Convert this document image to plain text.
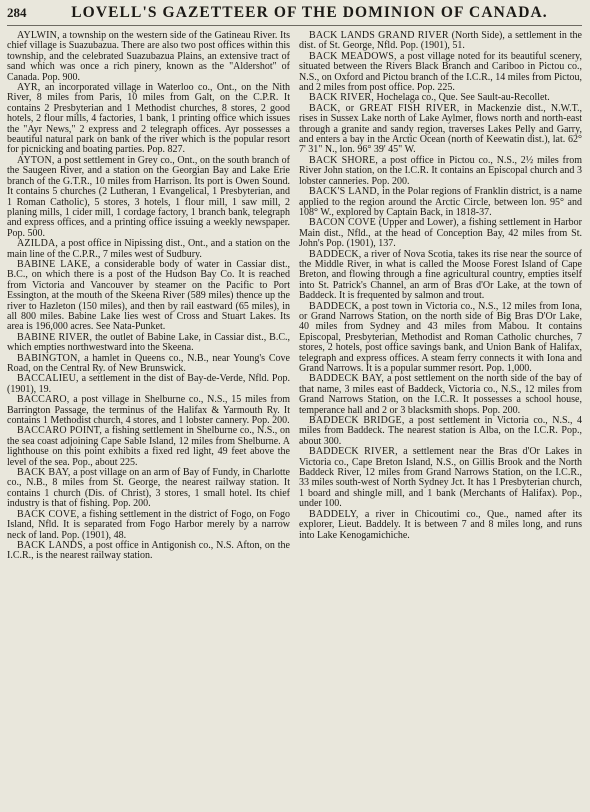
284	LOVELL'S GAZETTEER OF THE DOMINION OF CANADA.

AYLWIN, a township on the western side of the Gatineau River. Its chief village is Suazubazua. There are also two post offices within this township, and the celebrated Suazubazua Plains, an extensive tract of sand which was once a rich pinery, known as the "Aldershot" of Canada. Pop. 900.

AYR, an incorporated village in Waterloo co., Ont., on the Nith River, 8 miles from Paris, 10 miles from Galt, on the C.P.R. It contains 2 Presbyterian and 1 Methodist churches, 8 stores, 2 good hotels, 2 flour mills, 4 factories, 1 bank, 1 printing office which issues the "Ayr News," 2 express and 2 telegraph offices. Ayr possesses a beautiful natural park on bank of the river which is the popular resort for picnicking and boating parties. Pop. 827.

AYTON, a post settlement in Grey co., Ont., on the south branch of the Saugeen River, and a station on the Georgian Bay and Lake Erie branch of the G.T.R., 10 miles from Harrison. Its port is Owen Sound. It contains 5 churches (2 Lutheran, 1 Evangelical, 1 Presbyterian, and 1 Roman Catholic), 5 stores, 3 hotels, 1 flour mill, 1 saw mill, 2 planing mills, 1 cider mill, 1 cordage factory, 1 branch bank, telegraph and express offices, and a printing office issuing a weekly newspaper. Pop. 500.

AZILDA, a post office in Nipissing dist., Ont., and a station on the main line of the C.P.R., 7 miles west of Sudbury.

BABINE LAKE, a considerable body of water in Cassiar dist., B.C., on which there is a post of the Hudson Bay Co. It is reached from Victoria and Vancouver by steamer on the Pacific to Port Essington, at the mouth of the Skeena River (589 miles) thence up the river to Hazleton (150 miles), and then by rail eastward (65 miles), in all 800 miles. Babine Lake lies west of Cross and Stuart Lakes. Its area is 196,000 acres. See Nata-Punket.

BABINE RIVER, the outlet of Babine Lake, in Cassiar dist., B.C., which empties northwestward into the Skeena.

BABINGTON, a hamlet in Queens co., N.B., near Young's Cove Road, on the Central Ry. of New Brunswick.

BACCALIEU, a settlement in the dist of Bay-de-Verde, Nfld. Pop. (1901), 19.

BACCARO, a post village in Shelburne co., N.S., 15 miles from Barrington Passage, the terminus of the Halifax & Yarmouth Ry. It contains 1 Methodist church, 4 stores, and 1 lobster cannery. Pop. 200.

BACCARO POINT, a fishing settlement in Shelburne co., N.S., on the sea coast adjoining Cape Sable Island, 12 miles from Shelburne. A lighthouse on this point exhibits a fixed red light, 49 feet above the level of the sea. Pop., about 225.

BACK BAY, a post village on an arm of Bay of Fundy, in Charlotte co., N.B., 8 miles from St. George, the nearest railway station. It contains 1 church (Dis. of Christ), 3 stores, 1 small hotel. Its chief industry is that of fishing. Pop. 200.

BACK COVE, a fishing settlement in the district of Fogo, on Fogo Island, Nfld. It is separated from Fogo Harbor merely by a narrow neck of land. Pop. (1901), 48.

BACK LANDS, a post office in Antigonish co., N.S. Afton, on the I.C.R., is the nearest railway station.

BACK LANDS GRAND RIVER (North Side), a settlement in the dist. of St. George, Nfld. Pop. (1901), 51.

BACK MEADOWS, a post village noted for its beautiful scenery, situated between the Rivers Black Branch and Cariboo in Pictou co., N.S., on Oxford and Pictou branch of the I.C.R., 14 miles from Pictou, and 2 miles from post office. Pop. 225.

BACK RIVER, Hochelaga co., Que. See Sault-au-Recollet.

BACK, or GREAT FISH RIVER, in Mackenzie dist., N.W.T., rises in Sussex Lake north of Lake Aylmer, flows north and north-east through a granite and sandy region, traverses Lakes Pelly and Garry, and enters a bay in the Arctic Ocean (north of Keewatin dist.), lat. 62° 7' 31" N., lon. 96° 39' 45" W.

BACK SHORE, a post office in Pictou co., N.S., 2½ miles from River John station, on the I.C.R. It contains an Episcopal church and 3 lobster canneries. Pop. 200.

BACK'S LAND, in the Polar regions of Franklin district, is a name applied to the region around the Arctic Circle, between lon. 95° and 108° W., explored by Captain Back, in 1818-37.

BACON COVE (Upper and Lower), a fishing settlement in Harbor Main dist., Nfld., at the head of Conception Bay, 42 miles from St. John's Pop. (1901), 137.

BADDECK, a river of Nova Scotia, takes its rise near the source of the Middle River, in what is called the Moose Forest Island of Cape Breton, and flowing through a fine agricultural country, empties itself into St. Patrick's Channel, an arm of Bras d'Or Lake, at the town of Baddeck. It is frequented by salmon and trout.

BADDECK, a post town in Victoria co., N.S., 12 miles from Iona, or Grand Narrows Station, on the north side of Big Bras D'Or Lake, 40 miles from Sydney and 43 miles from Mabou. It contains Episcopal, Presbyterian, Methodist and Roman Catholic churches, 7 stores, 2 hotels, post office savings bank, and Union Bank of Halifax, telegraph and express offices. A steam ferry connects it with Iona and Grand Narrows. It is a popular summer resort. Pop. 1,000.

BADDECK BAY, a post settlement on the north side of the bay of that name, 3 miles east of Baddeck, Victoria co., N.S., 12 miles from Grand Narrows Station, on the I.C.R. It possesses a school house, temperance hall and 2 or 3 blacksmith shops. Pop. 200.

BADDECK BRIDGE, a post settlement in Victoria co., N.S., 4 miles from Baddeck. The nearest station is Alba, on the I.C.R. Pop., about 300.

BADDECK RIVER, a settlement near the Bras d'Or Lakes in Victoria co., Cape Breton Island, N.S., on Gillis Brook and the North Baddeck River, 12 miles from Grand Narrows Station, on the I.C.R., 33 miles south-west of North Sydney Jct. It has 1 Presbyterian church, 1 board and shingle mill, and 1 bank (Merchants of Halifax). Pop., under 100.

BADDELY, a river in Chicoutimi co., Que., named after its explorer, Lieut. Baddely. It is between 7 and 8 miles long, and runs into Lake Kenogamichiche.
